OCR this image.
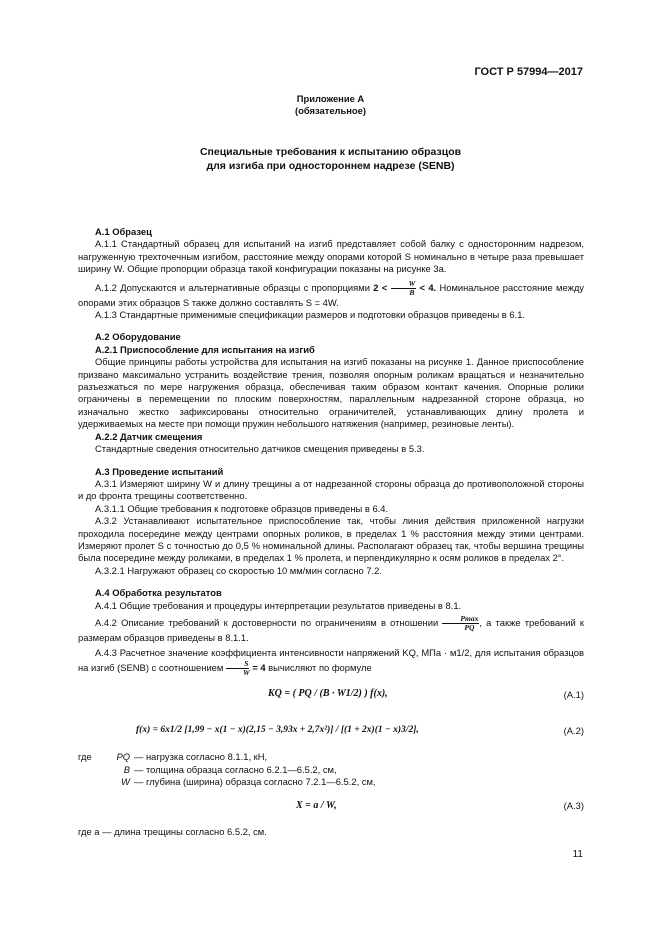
ГОСТ Р 57994—2017
Приложение А
(обязательное)
Специальные требования к испытанию образцов
для изгиба при одностороннем надрезе (SENB)

А.1 Образец

А.1.1 Стандартный образец для испытаний на изгиб представляет собой балку с односторонним надрезом, нагруженную трехточечным изгибом, расстояние между опорами которой S номинально в четыре раза превышает ширину W. Общие пропорции образца такой конфигурации показаны на рисунке 3а.

А.1.2 Допускаются и альтернативные образцы с пропорциями $2 < \frac{W}{B} < 4$. Номинальное расстояние между опорами этих образцов S также должно составлять S = 4W.

А.1.3 Стандартные применимые спецификации размеров и подготовки образцов приведены в 6.1.

А.2 Оборудование

А.2.1 Приспособление для испытания на изгиб

Общие принципы работы устройства для испытания на изгиб показаны на рисунке 1. Данное приспособление призвано максимально устранить воздействие трения, позволяя опорным роликам вращаться и незначительно разъезжаться по мере нагружения образца, обеспечивая таким образом контакт качения. Опорные ролики ограничены в перемещении по плоским поверхностям, параллельным надрезанной стороне образца, но изначально жестко зафиксированы относительно ограничителей, устанавливающих длину пролета и удерживаемых на месте при помощи пружин небольшого натяжения (например, резиновые ленты).

А.2.2 Датчик смещения

Стандартные сведения относительно датчиков смещения приведены в 5.3.

А.3 Проведение испытаний

А.3.1 Измеряют ширину W и длину трещины a от надрезанной стороны образца до противоположной стороны и до фронта трещины соответственно.

А.3.1.1 Общие требования к подготовке образцов приведены в 6.4.

А.3.2 Устанавливают испытательное приспособление так, чтобы линия действия приложенной нагрузки проходила посередине между центрами опорных роликов, в пределах 1 % расстояния между этими центрами. Измеряют пролет S с точностью до 0,5 % номинальной длины. Располагают образец так, чтобы вершина трещины была посередине между роликами, в пределах 1 % пролета, и перпендикулярно к осям роликов в пределах 2°.

А.3.2.1 Нагружают образец со скоростью 10 мм/мин согласно 7.2.

А.4 Обработка результатов

А.4.1 Общие требования и процедуры интерпретации результатов приведены в 8.1.

А.4.2 Описание требований к достоверности по ограничениям в отношении $\frac{Pmax}{PQ}$ , а также требований к размерам образцов приведены в 8.1.1.

А.4.3 Расчетное значение коэффициента интенсивности напряжений KQ, МПа · м1/2, для испытания образцов на изгиб (SENB) с соотношением $\frac{S}{W} = 4$ вычисляют по формуле

KQ = ( PQ / (B · W1/2) ) f(x),	(А.1)
f(x) = 6x1/2 [1,99 − x(1 − x)(2,15 − 3,93x + 2,7x²)] / [(1 + 2x)(1 − x)3/2],	(А.2)

где	PQ — нагрузка согласно 8.1.1, кН,
B — толщина образца согласно 6.2.1—6.5.2, см,
W — глубина (ширина) образца согласно 7.2.1—6.5.2, см,
X = a / W,	(А.3)

где a — длина трещины согласно 6.5.2, см.

11
